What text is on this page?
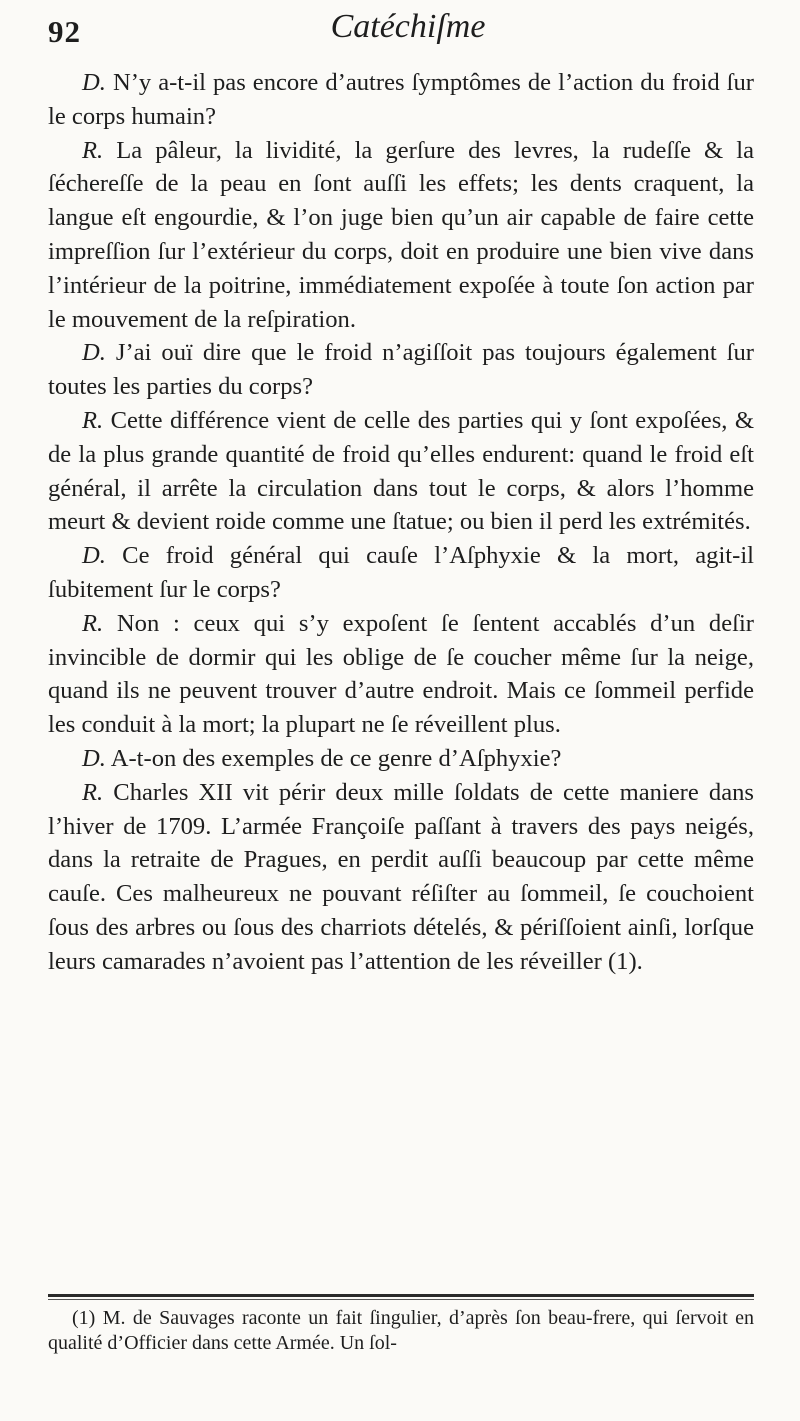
92	Catéchiſme

D. N’y a-t-il pas encore d’autres ſymptômes de l’action du froid ſur le corps humain?

R. La pâleur, la lividité, la gerſure des levres, la rudeſſe & la ſéchereſſe de la peau en ſont auſſi les effets; les dents craquent, la langue eſt engourdie, & l’on juge bien qu’un air capable de faire cette impreſſion ſur l’extérieur du corps, doit en produire une bien vive dans l’intérieur de la poitrine, immédiatement expoſée à toute ſon action par le mouvement de la reſpiration.

D. J’ai ouï dire que le froid n’agiſſoit pas toujours également ſur toutes les parties du corps?

R. Cette différence vient de celle des parties qui y ſont expoſées, & de la plus grande quantité de froid qu’elles endurent: quand le froid eſt général, il arrête la circulation dans tout le corps, & alors l’homme meurt & devient roide comme une ſtatue; ou bien il perd les extrémités.

D. Ce froid général qui cauſe l’Aſphyxie & la mort, agit-il ſubitement ſur le corps?

R. Non : ceux qui s’y expoſent ſe ſentent accablés d’un deſir invincible de dormir qui les oblige de ſe coucher même ſur la neige, quand ils ne peuvent trouver d’autre endroit. Mais ce ſommeil perfide les conduit à la mort; la plupart ne ſe réveillent plus.

D. A-t-on des exemples de ce genre d’Aſphyxie?

R. Charles XII vit périr deux mille ſoldats de cette maniere dans l’hiver de 1709. L’armée Françoiſe paſſant à travers des pays neigés, dans la retraite de Pragues, en perdit auſſi beaucoup par cette même cauſe. Ces malheureux ne pouvant réſiſter au ſommeil, ſe couchoient ſous des arbres ou ſous des charriots dételés, & périſſoient ainſi, lorſque leurs camarades n’avoient pas l’attention de les réveiller (1).

(1) M. de Sauvages raconte un fait ſingulier, d’après ſon beau-frere, qui ſervoit en qualité d’Officier dans cette Armée. Un ſol-
